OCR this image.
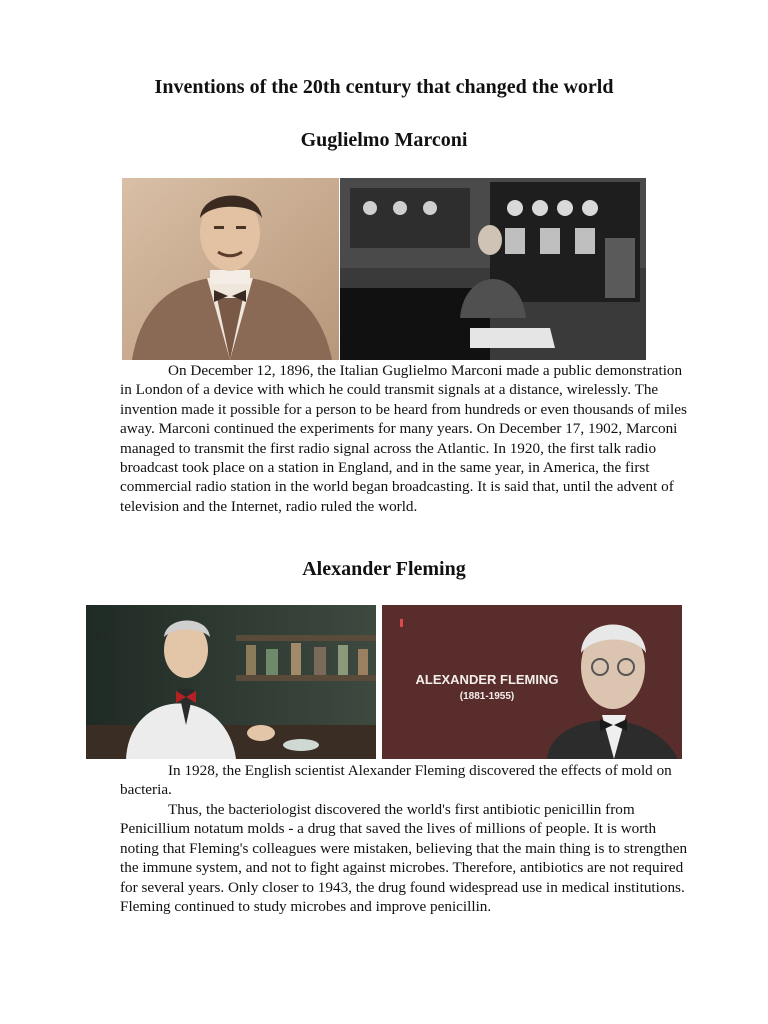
Inventions of the 20th century that changed the world
Guglielmo Marconi

On December 12, 1896, the Italian Guglielmo Marconi made a public demonstration in London of a device with which he could transmit signals at a distance, wirelessly. The invention made it possible for a person to be heard from hundreds or even thousands of miles away. Marconi continued the experiments for many years. On December 17, 1902, Marconi managed to transmit the first radio signal across the Atlantic. In 1920, the first talk radio broadcast took place on a station in England, and in the same year, in America, the first commercial radio station in the world began broadcasting. It is said that, until the advent of television and the Internet, radio ruled the world.

Alexander Fleming
ALEXANDER FLEMING
(1881-1955)

In 1928, the English scientist Alexander Fleming discovered the effects of mold on bacteria.

Thus, the bacteriologist discovered the world's first antibiotic penicillin from Penicillium notatum molds - a drug that saved the lives of millions of people. It is worth noting that Fleming's colleagues were mistaken, believing that the main thing is to strengthen the immune system, and not to fight against microbes. Therefore, antibiotics are not required for several years. Only closer to 1943, the drug found widespread use in medical institutions. Fleming continued to study microbes and improve penicillin.
